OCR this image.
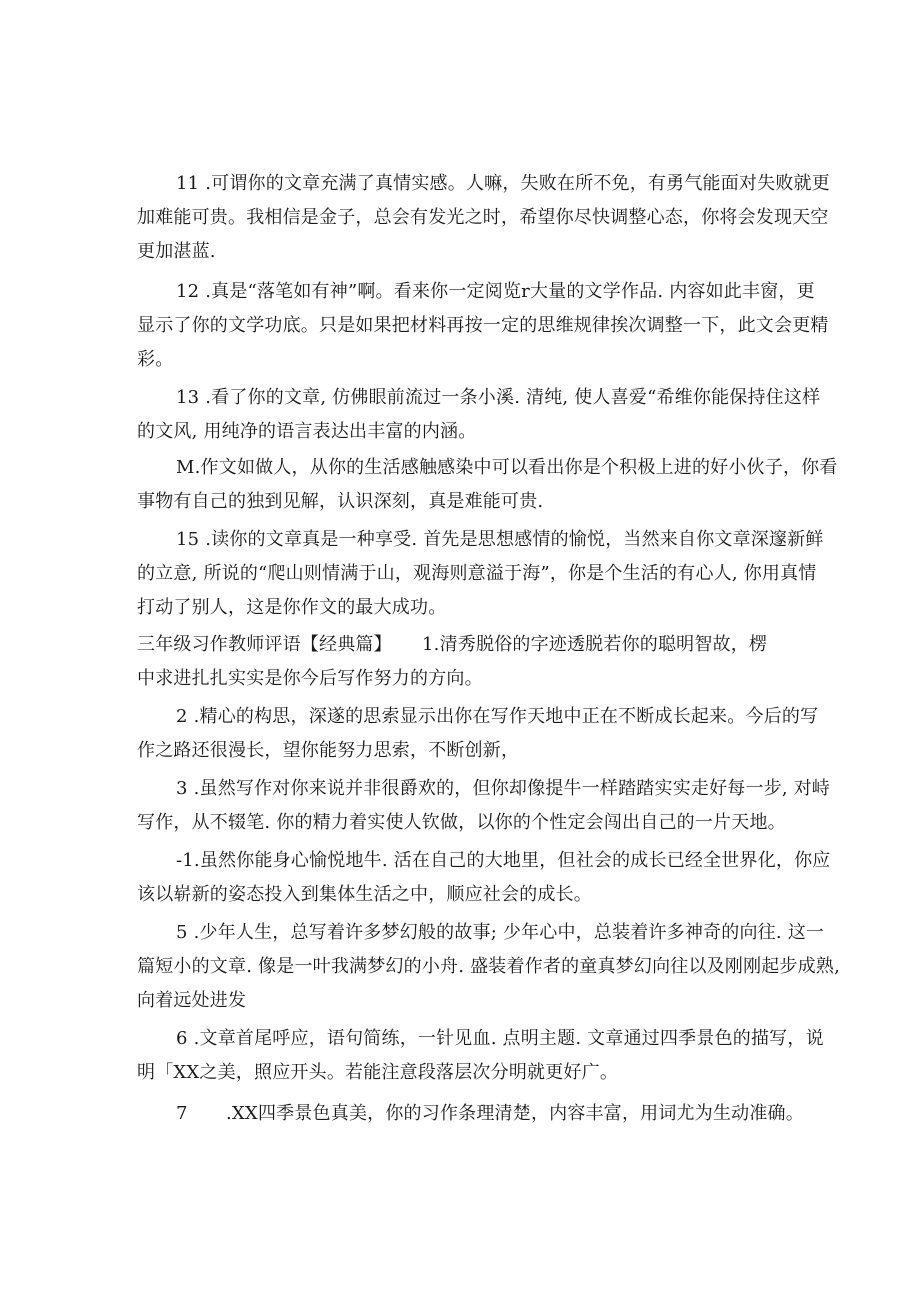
11 .可谓你的文章充满了真情实感。人嘛，失败在所不免，有勇气能面对失败就更
加难能可贵。我相信是金子，总会有发光之时，希望你尽快调整心态，你将会发现天空
更加湛蓝.
12 .真是“落笔如有神”啊。看来你一定阅览r大量的文学作品. 内容如此丰窗，更
显示了你的文学功底。只是如果把材料再按一定的思维规律挨次调整一下，此文会更精
彩。
13 .看了你的文章, 仿佛眼前流过一条小溪. 清纯, 使人喜爱“希维你能保持住这样
的文风, 用纯净的语言表达出丰富的内涵。
M.作文如做人，从你的生活感触感染中可以看出你是个积极上进的好小伙子，你看
事物有自己的独到见解，认识深刻，真是难能可贵.
15 .读你的文章真是一种享受. 首先是思想感情的愉悦，当然来自你文章深邃新鲜
的立意, 所说的“爬山则情满于山，观海则意溢于海”，你是个生活的有心人, 你用真情
打动了别人，这是你作文的最大成功。
三年级习作教师评语【经典篇】 1.清秀脱俗的字迹透脱若你的聪明智故，楞
中求进扎扎实实是你今后写作努力的方向。
2 .精心的构思，深遂的思索显示出你在写作天地中正在不断成长起来。今后的写
作之路还很漫长，望你能努力思索，不断创新，
3 .虽然写作对你来说并非很爵欢的，但你却像提牛一样踏踏实实走好每一步, 对峙
写作，从不辍笔. 你的精力着实使人钦做，以你的个性定会闯出自己的一片天地。
-1.虽然你能身心愉悦地牛. 活在自己的大地里，但社会的成长已经全世界化，你应
该以崭新的姿态投入到集体生活之中，顺应社会的成长。
5 .少年人生，总写着许多梦幻般的故事; 少年心中，总装着许多神奇的向往. 这一
篇短小的文章. 像是一叶我满梦幻的小舟. 盛装着作者的童真梦幻向往以及刚刚起步成熟,
向着远处进发
6 .文章首尾呼应，语句简练，一针见血. 点明主题. 文章通过四季景色的描写，说
明「XX之美，照应开头。若能注意段落层次分明就更好广。
7 .XX四季景色真美，你的习作条理清楚，内容丰富，用词尤为生动准确。
